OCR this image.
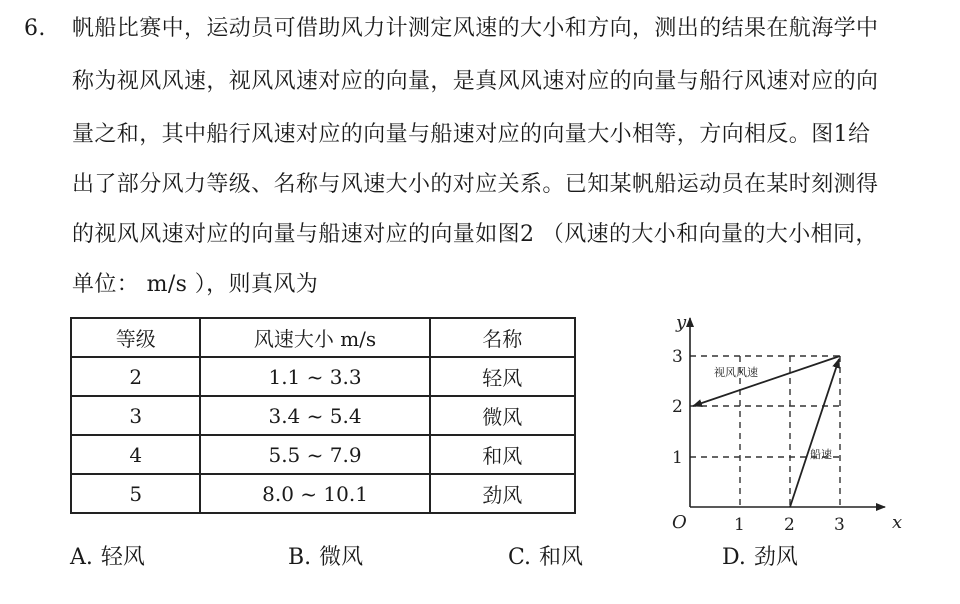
6. 帆船比赛中，运动员可借助风力计测定风速的大小和方向，测出的结果在航海学中
称为视风风速，视风风速对应的向量，是真风风速对应的向量与船行风速对应的向
量之和，其中船行风速对应的向量与船速对应的向量大小相等，方向相反。图1给
出了部分风力等级、名称与风速大小的对应关系。已知某帆船运动员在某时刻测得
的视风风速对应的向量与船速对应的向量如图2 （风速的大小和向量的大小相同，
单位： m/s ），则真风为
等级	风速大小 m/s	名称
2	1.1 ~ 3.3	轻风
3	3.4 ~ 5.4	微风
4	5.5 ~ 7.9	和风
5	8.0 ~ 10.1	劲风
y
x
O	1 2 3
1
2
3
视风风速
船速
A. 轻风	B. 微风	C. 和风	D. 劲风
